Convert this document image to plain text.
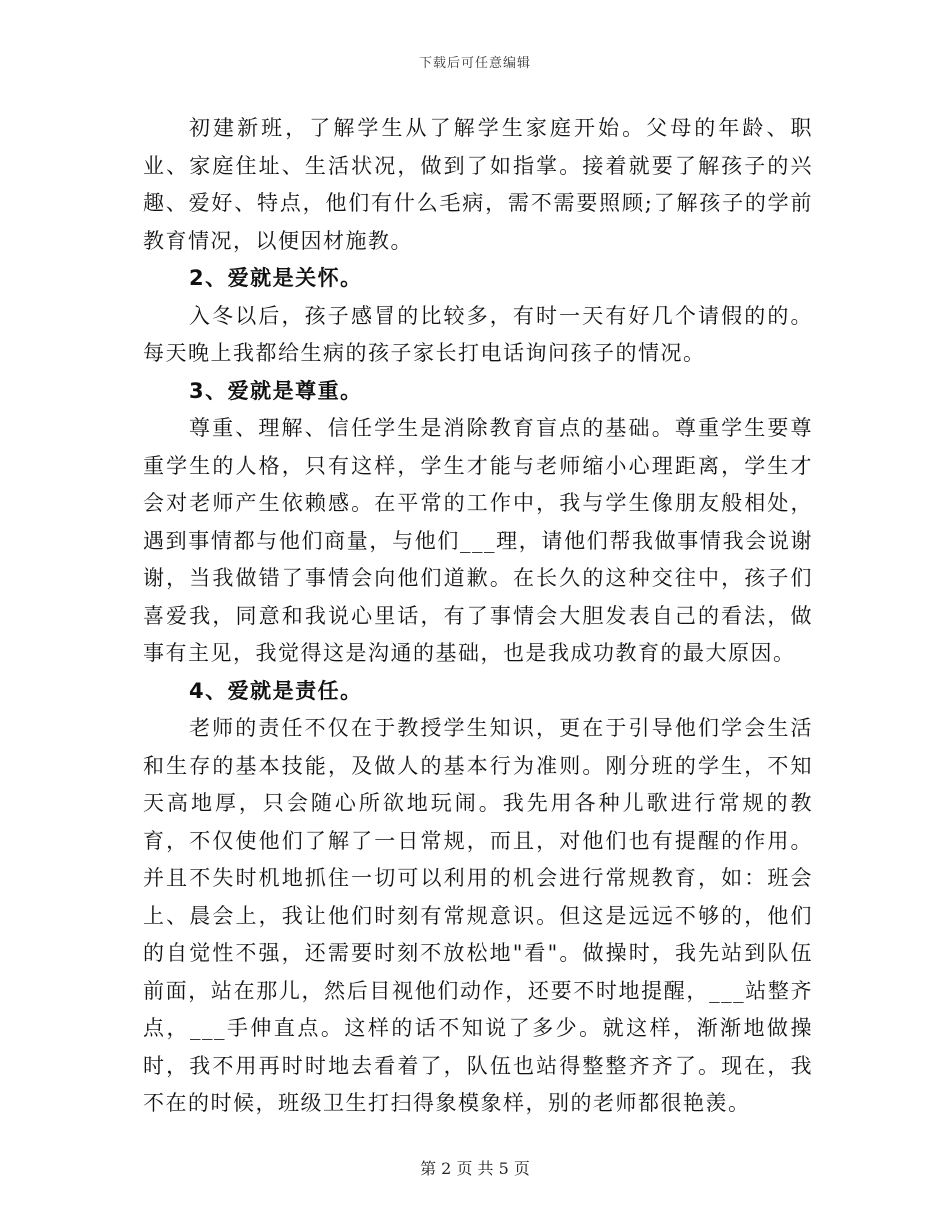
下载后可任意编辑

初建新班，了解学生从了解学生家庭开始。父母的年龄、职业、家庭住址、生活状况，做到了如指掌。接着就要了解孩子的兴趣、爱好、特点，他们有什么毛病，需不需要照顾;了解孩子的学前教育情况，以便因材施教。

2、爱就是关怀。

入冬以后，孩子感冒的比较多，有时一天有好几个请假的的。每天晚上我都给生病的孩子家长打电话询问孩子的情况。

3、爱就是尊重。

尊重、理解、信任学生是消除教育盲点的基础。尊重学生要尊重学生的人格，只有这样，学生才能与老师缩小心理距离，学生才会对老师产生依赖感。在平常的工作中，我与学生像朋友般相处，遇到事情都与他们商量，与他们___理，请他们帮我做事情我会说谢谢，当我做错了事情会向他们道歉。在长久的这种交往中，孩子们喜爱我，同意和我说心里话，有了事情会大胆发表自己的看法，做事有主见，我觉得这是沟通的基础，也是我成功教育的最大原因。

4、爱就是责任。

老师的责任不仅在于教授学生知识，更在于引导他们学会生活和生存的基本技能，及做人的基本行为准则。刚分班的学生，不知天高地厚，只会随心所欲地玩闹。我先用各种儿歌进行常规的教育，不仅使他们了解了一日常规，而且，对他们也有提醒的作用。并且不失时机地抓住一切可以利用的机会进行常规教育，如：班会上、晨会上，我让他们时刻有常规意识。但这是远远不够的，他们的自觉性不强，还需要时刻不放松地"看"。做操时，我先站到队伍前面，站在那儿，然后目视他们动作，还要不时地提醒，___站整齐点，___手伸直点。这样的话不知说了多少。就这样，渐渐地做操时，我不用再时时地去看着了，队伍也站得整整齐齐了。现在，我不在的时候，班级卫生打扫得象模象样，别的老师都很艳羡。

第 2 页 共 5 页
